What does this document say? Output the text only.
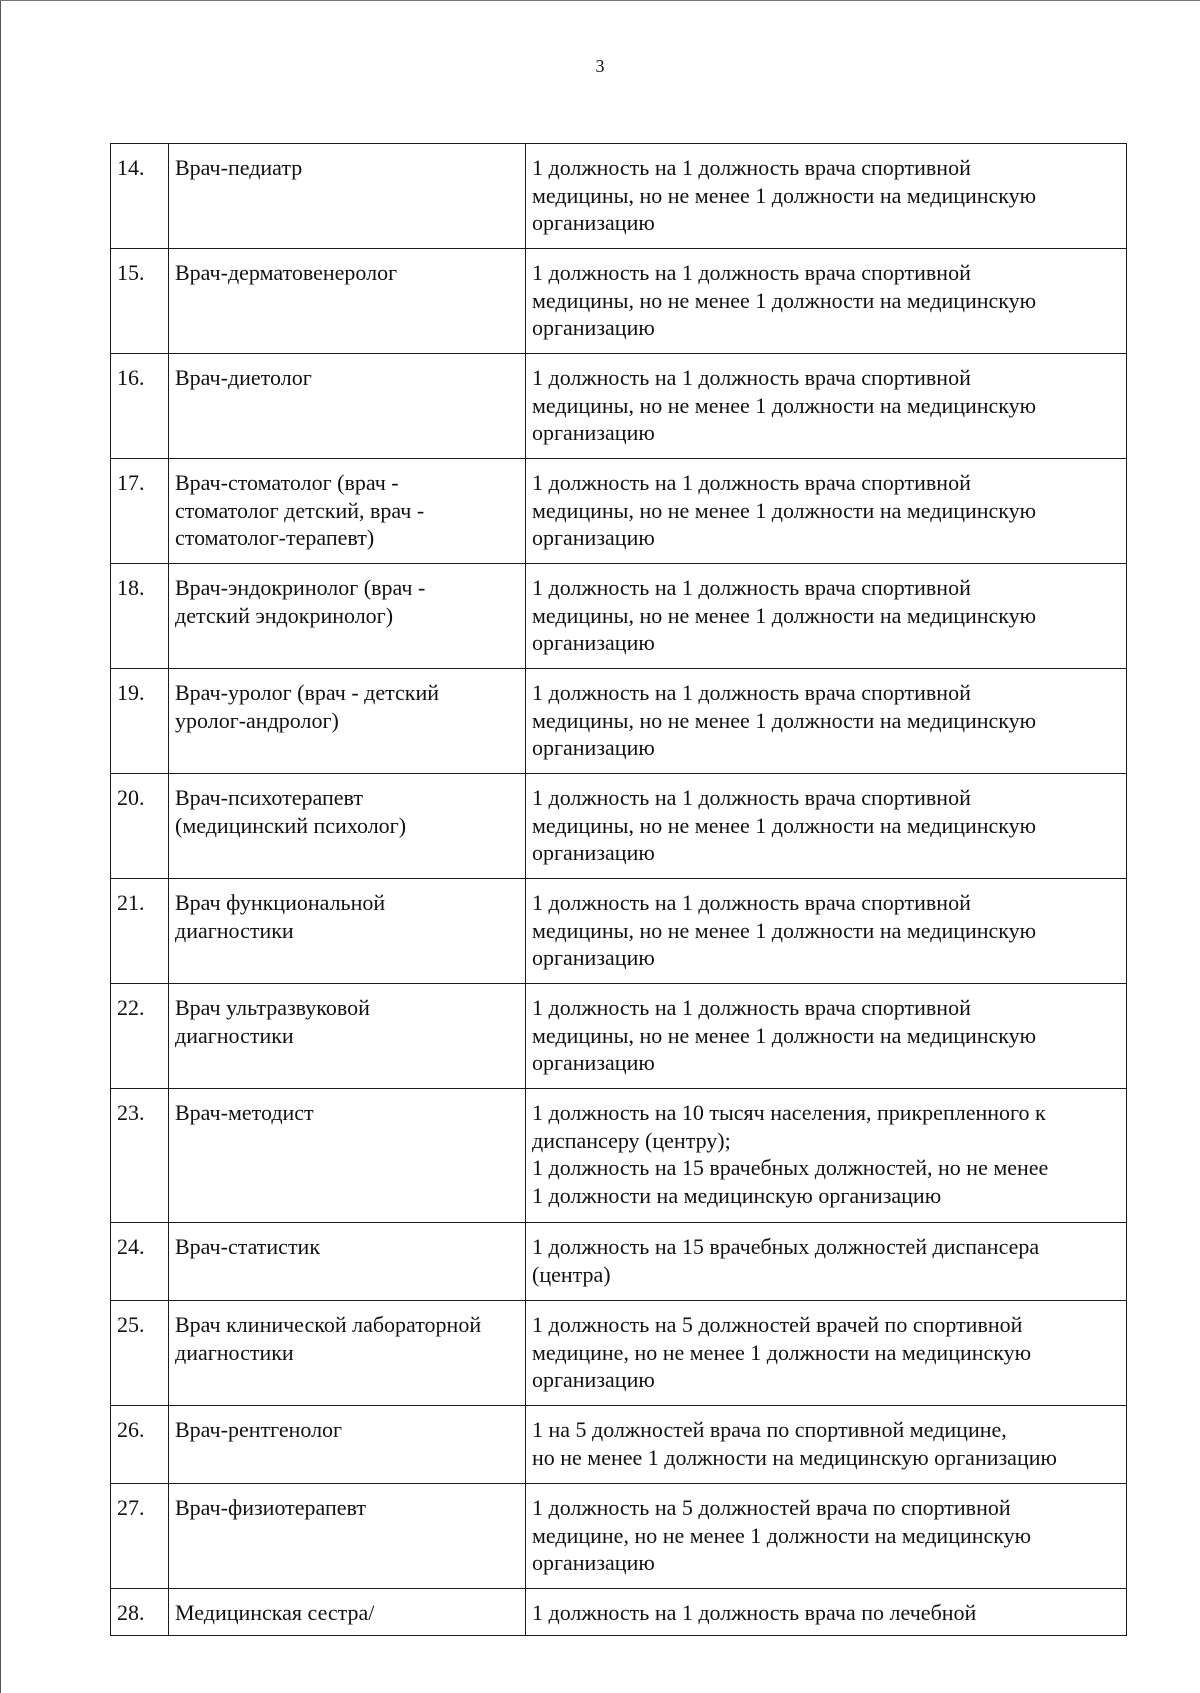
3
14.	Врач-педиатр	1 должность на 1 должность врача спортивной
медицины, но не менее 1 должности на медицинскую
организацию

15.	Врач-дерматовенеролог	1 должность на 1 должность врача спортивной
медицины, но не менее 1 должности на медицинскую
организацию

16.	Врач-диетолог	1 должность на 1 должность врача спортивной
медицины, но не менее 1 должности на медицинскую
организацию

17.	Врач-стоматолог (врач -
стоматолог детский, врач -
стоматолог-терапевт)	1 должность на 1 должность врача спортивной
медицины, но не менее 1 должности на медицинскую
организацию

18.	Врач-эндокринолог (врач -
детский эндокринолог)	1 должность на 1 должность врача спортивной
медицины, но не менее 1 должности на медицинскую
организацию

19.	Врач-уролог (врач - детский
уролог-андролог)	1 должность на 1 должность врача спортивной
медицины, но не менее 1 должности на медицинскую
организацию

20.	Врач-психотерапевт
(медицинский психолог)	1 должность на 1 должность врача спортивной
медицины, но не менее 1 должности на медицинскую
организацию

21.	Врач функциональной
диагностики	1 должность на 1 должность врача спортивной
медицины, но не менее 1 должности на медицинскую
организацию

22.	Врач ультразвуковой
диагностики	1 должность на 1 должность врача спортивной
медицины, но не менее 1 должности на медицинскую
организацию

23.	Врач-методист	1 должность на 10 тысяч населения, прикрепленного к
диспансеру (центру);
1 должность на 15 врачебных должностей, но не менее
1 должности на медицинскую организацию

24.	Врач-статистик	1 должность на 15 врачебных должностей диспансера
(центра)

25.	Врач клинической лабораторной
диагностики	1 должность на 5 должностей врачей по спортивной
медицине, но не менее 1 должности на медицинскую
организацию

26.	Врач-рентгенолог	1 на 5 должностей врача по спортивной медицине,
но не менее 1 должности на медицинскую организацию

27.	Врач-физиотерапевт	1 должность на 5 должностей врача по спортивной
медицине, но не менее 1 должности на медицинскую
организацию

28.	Медицинская сестра/	1 должность на 1 должность врача по лечебной
